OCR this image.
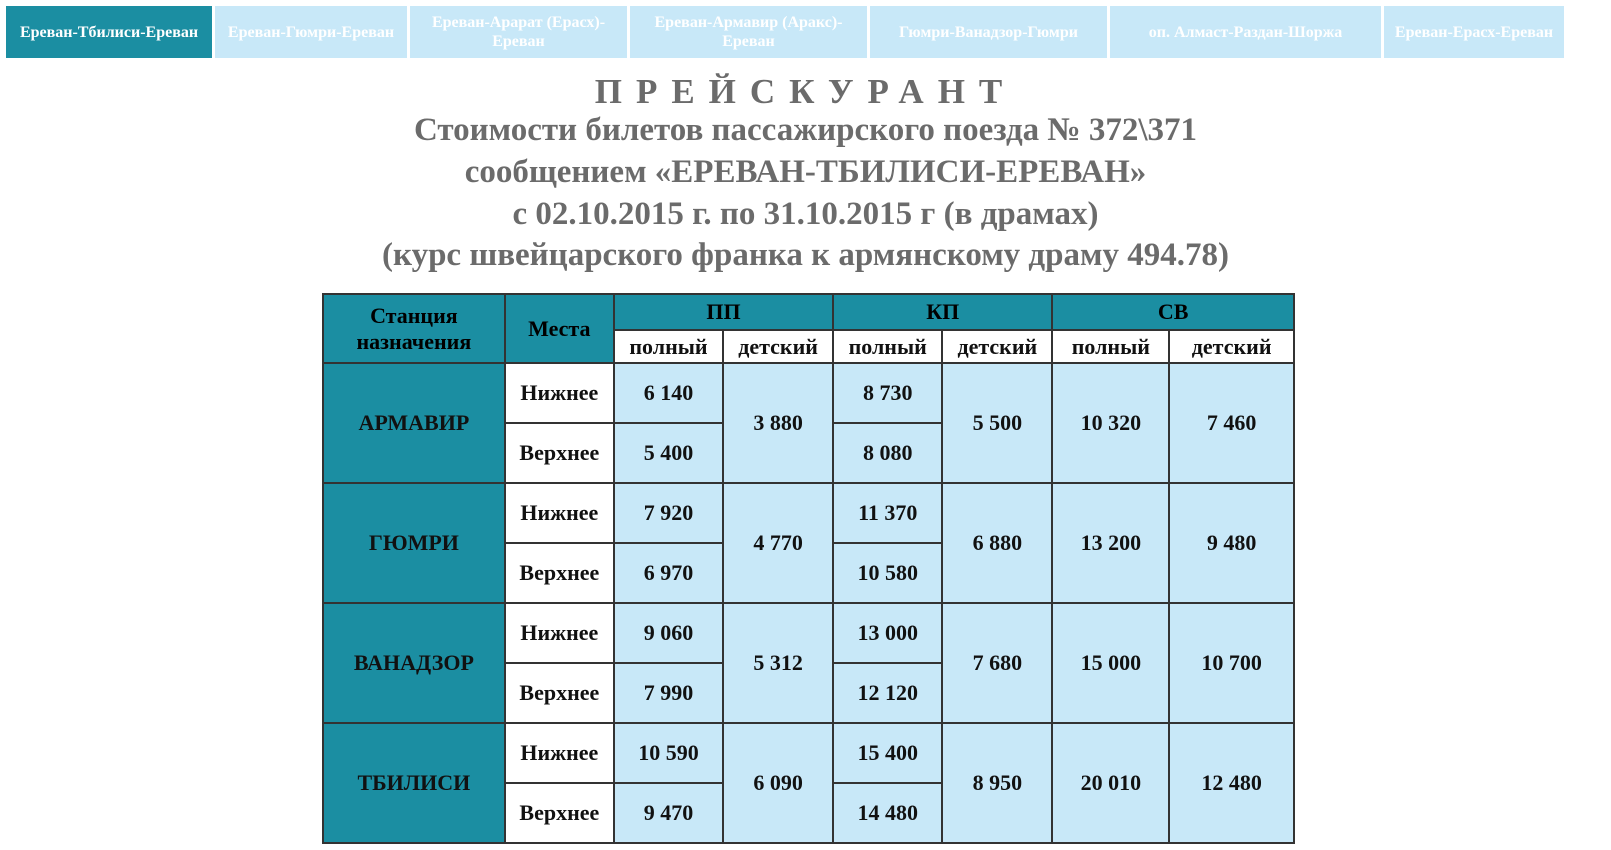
Ереван-Тбилиси-Ереван Ереван-Гюмри-Ереван
Ереван-Арарат (Ерасх)-Ереван
Ереван-Армавир (Аракс)-Ереван
Гюмри-Ванадзор-Гюмри	оп. Алмаст-Раздан-Шоржа	Ереван-Ерасх-Ереван
ПРЕЙСКУРАНТ
Стоимости билетов пассажирского поезда № 372\371
сообщением «ЕРЕВАН-ТБИЛИСИ-ЕРЕВАН»
с 02.10.2015 г. по 31.10.2015 г (в драмах)
(курс швейцарского франка к армянскому драму 494.78)
Станция назначения	Места	ПП		КП		СВ	
		полный	детский	полный	детский	полный	детский
АРМАВИР	Нижнее	6 140	3 880	8 730	5 500	10 320	7 460
	Верхнее	5 400		8 080			
ГЮМРИ	Нижнее	7 920	4 770	11 370	6 880	13 200	9 480
	Верхнее	6 970		10 580			
ВАНАДЗОР	Нижнее	9 060	5 312	13 000	7 680	15 000	10 700
	Верхнее	7 990		12 120			
ТБИЛИСИ	Нижнее	10 590	6 090	15 400	8 950	20 010	12 480
	Верхнее	9 470		14 480			
